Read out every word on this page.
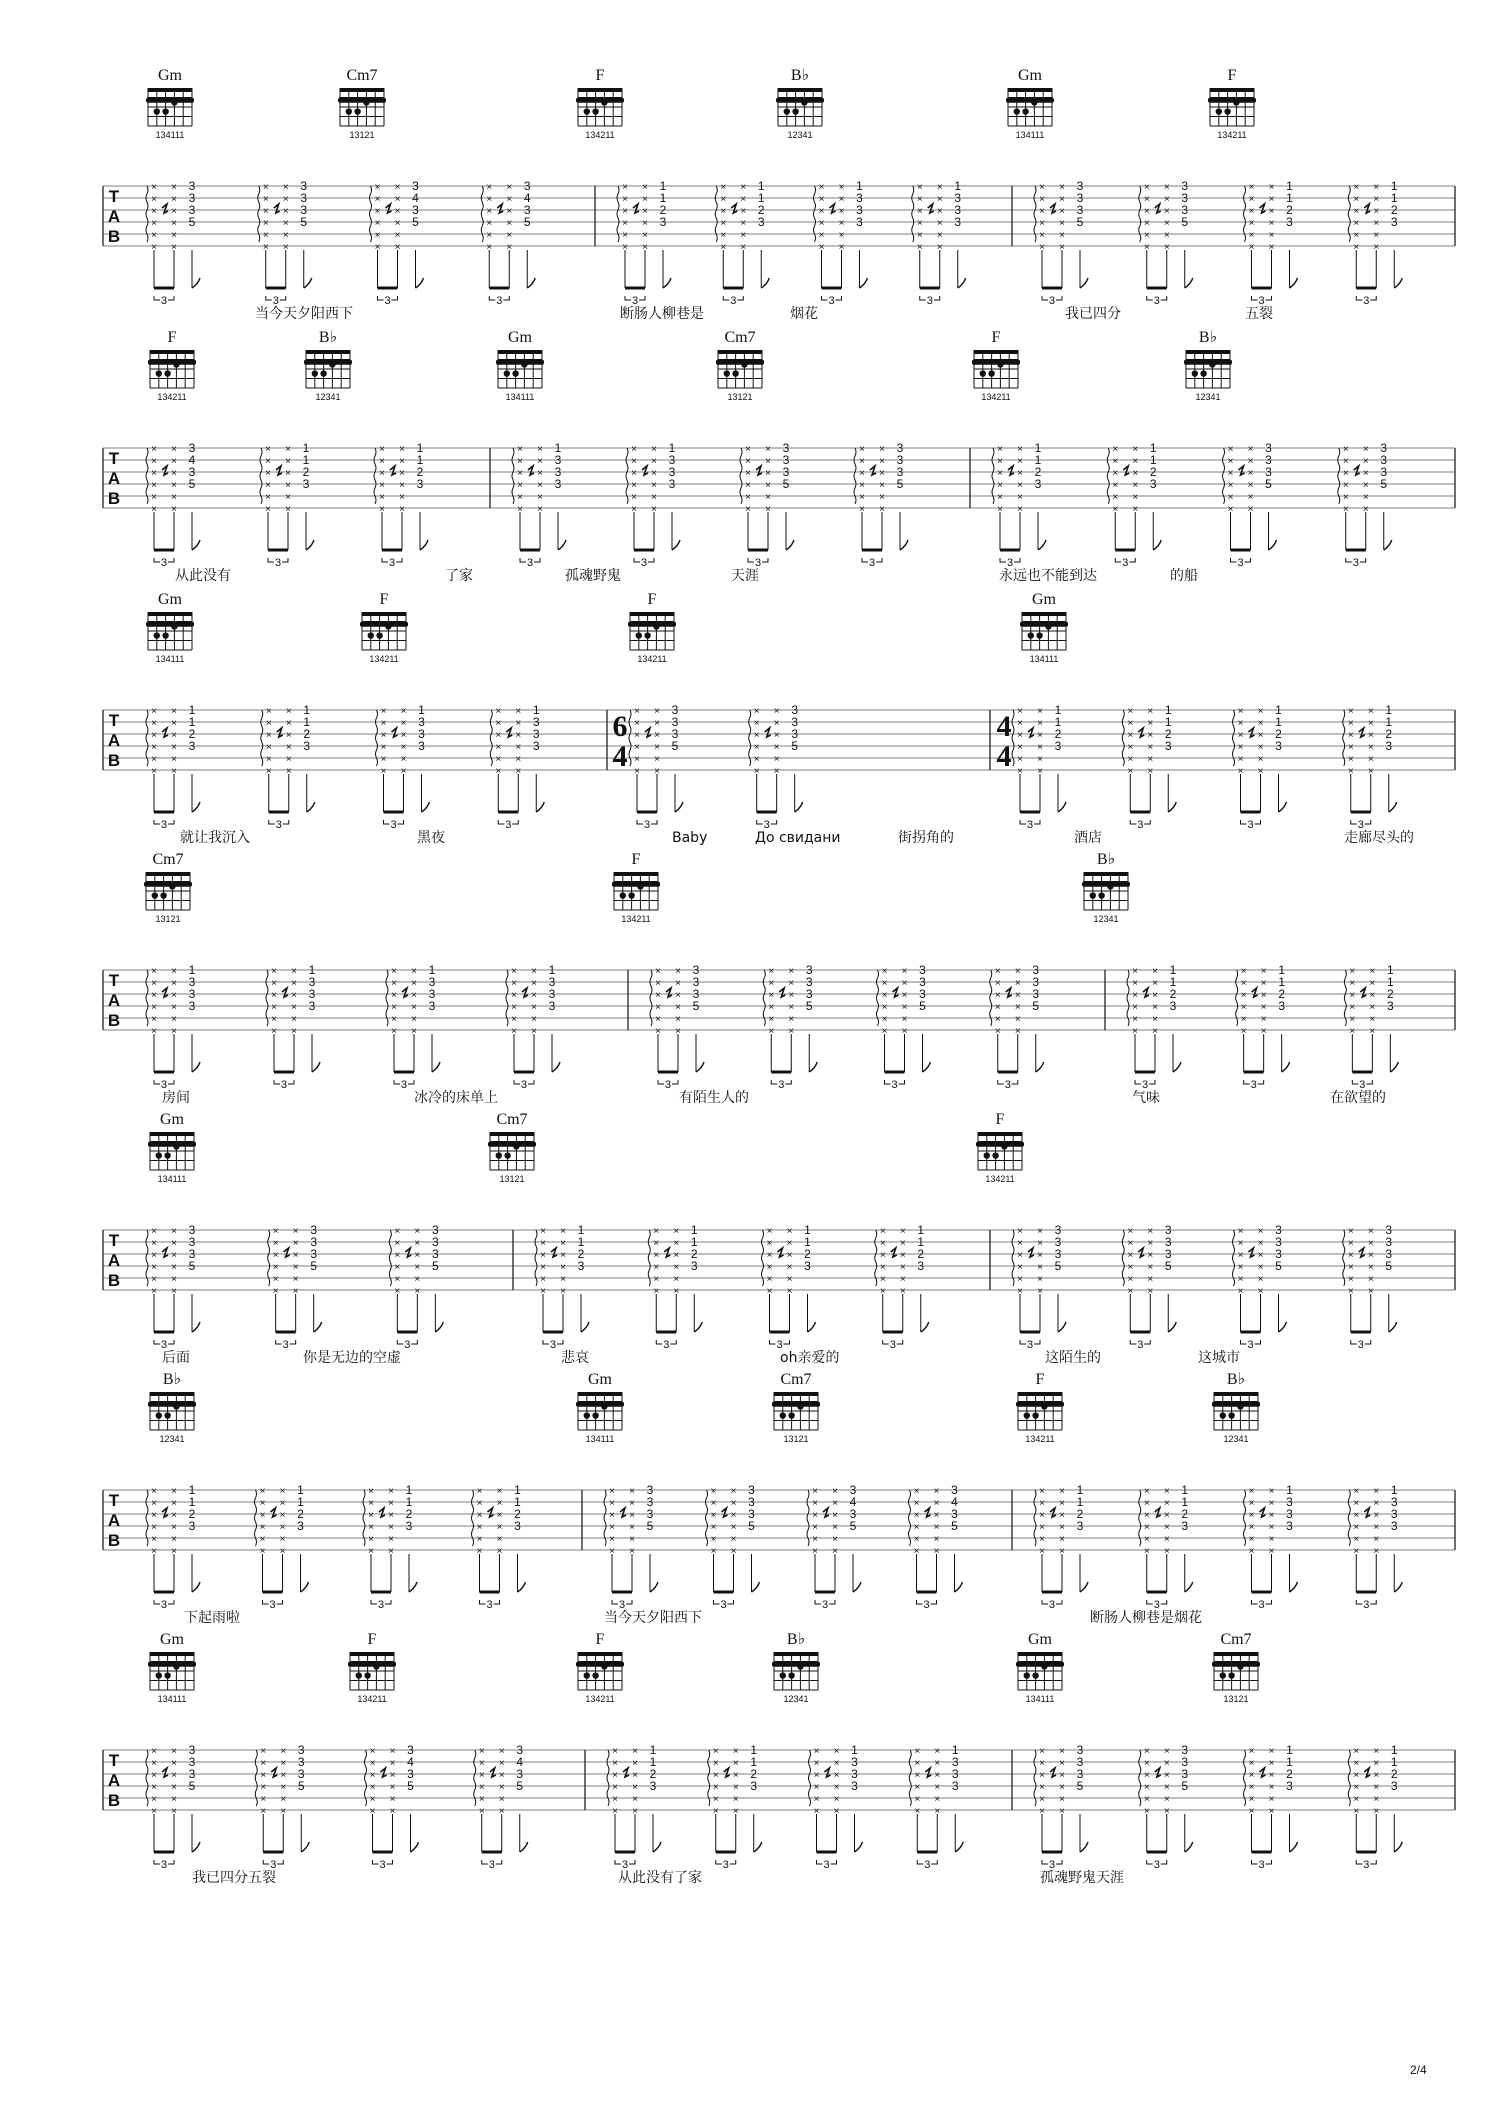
Gm
134111
Cm7
13121
F
134211
B♭
12341
Gm
134111
F
134211
T
A
B
×
×
×
×
×
×
×
×
×
×
×
×
3
3
3
5
3
×
×
×
×
×
×
×
×
×
×
×
×
3
3
3
5
3
×
×
×
×
×
×
×
×
×
×
×
×
3
4
3
5
3
×
×
×
×
×
×
×
×
×
×
×
×
3
4
3
5
3
×
×
×
×
×
×
×
×
×
×
×
×
1
1
2
3
3
×
×
×
×
×
×
×
×
×
×
×
×
1
1
2
3
3
×
×
×
×
×
×
×
×
×
×
×
×
1
3
3
3
3
×
×
×
×
×
×
×
×
×
×
×
×
1
3
3
3
3
×
×
×
×
×
×
×
×
×
×
×
×
3
3
3
5
3
×
×
×
×
×
×
×
×
×
×
×
×
3
3
3
5
3
×
×
×
×
×
×
×
×
×
×
×
×
1
1
2
3
3
×
×
×
×
×
×
×
×
×
×
×
×
1
1
2
3
3
当今天夕阳西下	断肠人柳巷是	烟花	我已四分	五裂
F
134211
B♭
12341
Gm
134111
Cm7
13121
F
134211
B♭
12341
T
A
B
×
×
×
×
×
×
×
×
×
×
×
×
3
4
3
5
3
×
×
×
×
×
×
×
×
×
×
×
×
1
1
2
3
3
×
×
×
×
×
×
×
×
×
×
×
×
1
1
2
3
3
×
×
×
×
×
×
×
×
×
×
×
×
1
3
3
3
3
×
×
×
×
×
×
×
×
×
×
×
×
1
3
3
3
3
×
×
×
×
×
×
×
×
×
×
×
×
3
3
3
5
3
×
×
×
×
×
×
×
×
×
×
×
×
3
3
3
5
3
×
×
×
×
×
×
×
×
×
×
×
×
1
1
2
3
3
×
×
×
×
×
×
×
×
×
×
×
×
1
1
2
3
3
×
×
×
×
×
×
×
×
×
×
×
×
3
3
3
5
3
×
×
×
×
×
×
×
×
×
×
×
×
3
3
3
5
3
从此没有	了家	孤魂野鬼	天涯	永远也不能到达	的船
Gm
134111
F
134211
F
134211
Gm
134111
T
A
B
6
4
4
4
×
×
×
×
×
×
×
×
×
×
×
×
1
1
2
3
3
×
×
×
×
×
×
×
×
×
×
×
×
1
1
2
3
3
×
×
×
×
×
×
×
×
×
×
×
×
1
3
3
3
3
×
×
×
×
×
×
×
×
×
×
×
×
1
3
3
3
3
×
×
×
×
×
×
×
×
×
×
×
×
3
3
3
5
3
×
×
×
×
×
×
×
×
×
×
×
×
3
3
3
5
3
×
×
×
×
×
×
×
×
×
×
×
×
1
1
2
3
3
×
×
×
×
×
×
×
×
×
×
×
×
1
1
2
3
3
×
×
×
×
×
×
×
×
×
×
×
×
1
1
2
3
3
×
×
×
×
×
×
×
×
×
×
×
×
1
1
2
3
3
就让我沉入	黑夜	Baby	До свидани	街拐角的	酒店	走廊尽头的
Cm7
13121
F
134211
B♭
12341
T
A
B
×
×
×
×
×
×
×
×
×
×
×
×
1
3
3
3
3
×
×
×
×
×
×
×
×
×
×
×
×
1
3
3
3
3
×
×
×
×
×
×
×
×
×
×
×
×
1
3
3
3
3
×
×
×
×
×
×
×
×
×
×
×
×
1
3
3
3
3
×
×
×
×
×
×
×
×
×
×
×
×
3
3
3
5
3
×
×
×
×
×
×
×
×
×
×
×
×
3
3
3
5
3
×
×
×
×
×
×
×
×
×
×
×
×
3
3
3
5
3
×
×
×
×
×
×
×
×
×
×
×
×
3
3
3
5
3
×
×
×
×
×
×
×
×
×
×
×
×
1
1
2
3
3
×
×
×
×
×
×
×
×
×
×
×
×
1
1
2
3
3
×
×
×
×
×
×
×
×
×
×
×
×
1
1
2
3
3
房间	冰冷的床单上	有陌生人的	气味	在欲望的
Gm
134111
Cm7
13121
F
134211
T
A
B
×
×
×
×
×
×
×
×
×
×
×
×
3
3
3
5
3
×
×
×
×
×
×
×
×
×
×
×
×
3
3
3
5
3
×
×
×
×
×
×
×
×
×
×
×
×
3
3
3
5
3
×
×
×
×
×
×
×
×
×
×
×
×
1
1
2
3
3
×
×
×
×
×
×
×
×
×
×
×
×
1
1
2
3
3
×
×
×
×
×
×
×
×
×
×
×
×
1
1
2
3
3
×
×
×
×
×
×
×
×
×
×
×
×
1
1
2
3
3
×
×
×
×
×
×
×
×
×
×
×
×
3
3
3
5
3
×
×
×
×
×
×
×
×
×
×
×
×
3
3
3
5
3
×
×
×
×
×
×
×
×
×
×
×
×
3
3
3
5
3
×
×
×
×
×
×
×
×
×
×
×
×
3
3
3
5
3
后面	你是无边的空虚	悲哀	oh亲爱的	这陌生的	这城市
B♭
12341
Gm
134111
Cm7
13121
F
134211
B♭
12341
T
A
B
×
×
×
×
×
×
×
×
×
×
×
×
1
1
2
3
3
×
×
×
×
×
×
×
×
×
×
×
×
1
1
2
3
3
×
×
×
×
×
×
×
×
×
×
×
×
1
1
2
3
3
×
×
×
×
×
×
×
×
×
×
×
×
1
1
2
3
3
×
×
×
×
×
×
×
×
×
×
×
×
3
3
3
5
3
×
×
×
×
×
×
×
×
×
×
×
×
3
3
3
5
3
×
×
×
×
×
×
×
×
×
×
×
×
3
4
3
5
3
×
×
×
×
×
×
×
×
×
×
×
×
3
4
3
5
3
×
×
×
×
×
×
×
×
×
×
×
×
1
1
2
3
3
×
×
×
×
×
×
×
×
×
×
×
×
1
1
2
3
3
×
×
×
×
×
×
×
×
×
×
×
×
1
3
3
3
3
×
×
×
×
×
×
×
×
×
×
×
×
1
3
3
3
3
下起雨啦	当今天夕阳西下	断肠人柳巷是烟花
Gm
134111
F
134211
F
134211
B♭
12341
Gm
134111
Cm7
13121
T
A
B
×
×
×
×
×
×
×
×
×
×
×
×
3
3
3
5
3
×
×
×
×
×
×
×
×
×
×
×
×
3
3
3
5
3
×
×
×
×
×
×
×
×
×
×
×
×
3
4
3
5
3
×
×
×
×
×
×
×
×
×
×
×
×
3
4
3
5
3
×
×
×
×
×
×
×
×
×
×
×
×
1
1
2
3
3
×
×
×
×
×
×
×
×
×
×
×
×
1
1
2
3
3
×
×
×
×
×
×
×
×
×
×
×
×
1
3
3
3
3
×
×
×
×
×
×
×
×
×
×
×
×
1
3
3
3
3
×
×
×
×
×
×
×
×
×
×
×
×
3
3
3
5
3
×
×
×
×
×
×
×
×
×
×
×
×
3
3
3
5
3
×
×
×
×
×
×
×
×
×
×
×
×
1
1
2
3
3
×
×
×
×
×
×
×
×
×
×
×
×
1
1
2
3
3
我已四分五裂	从此没有了家	孤魂野鬼天涯
2/4
